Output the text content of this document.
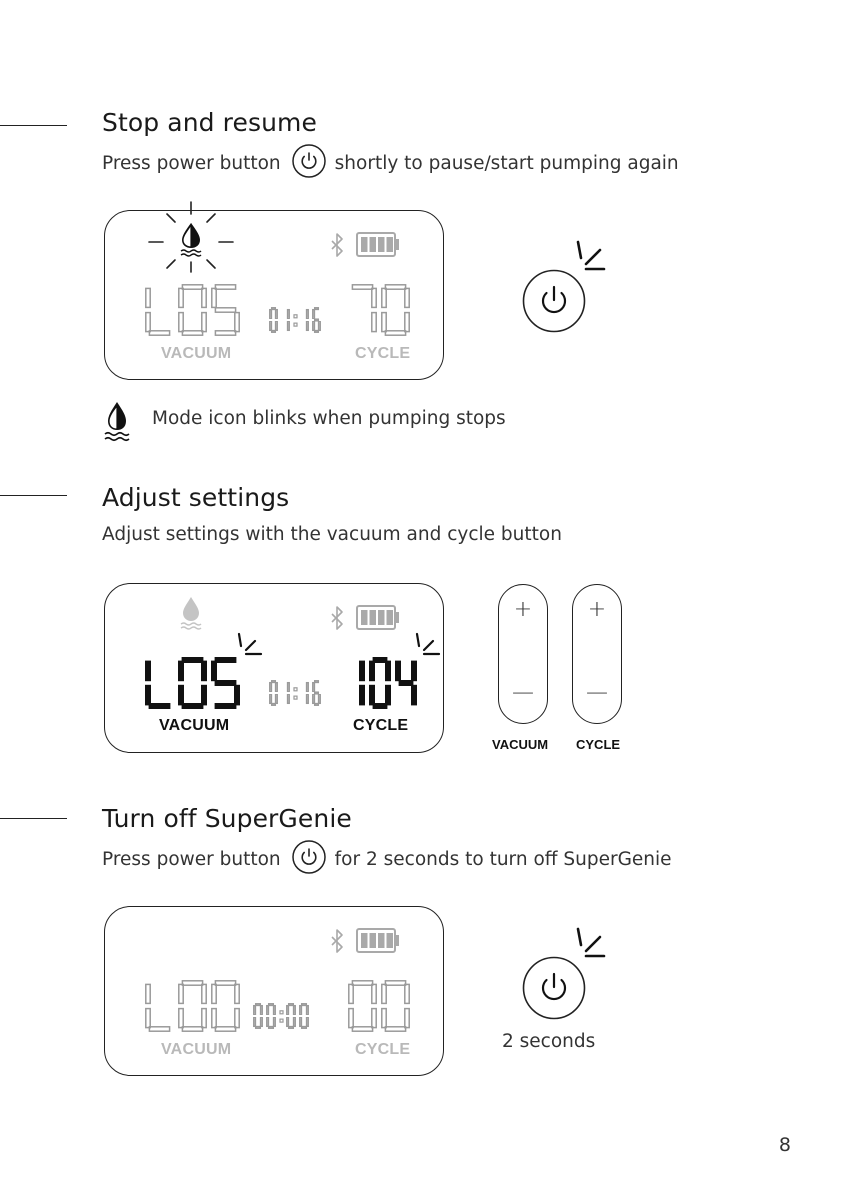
Stop and resume
Press power button	shortly to pause/start pumping again
VACUUM	CYCLE
Mode icon blinks when pumping stops
Adjust settings
Adjust settings with the vacuum and cycle button
VACUUM	CYCLE
+
—
+
—
VACUUM CYCLE
Turn off SuperGenie
Press power button	for 2 seconds to turn off SuperGenie
VACUUM	CYCLE	2 seconds
8
